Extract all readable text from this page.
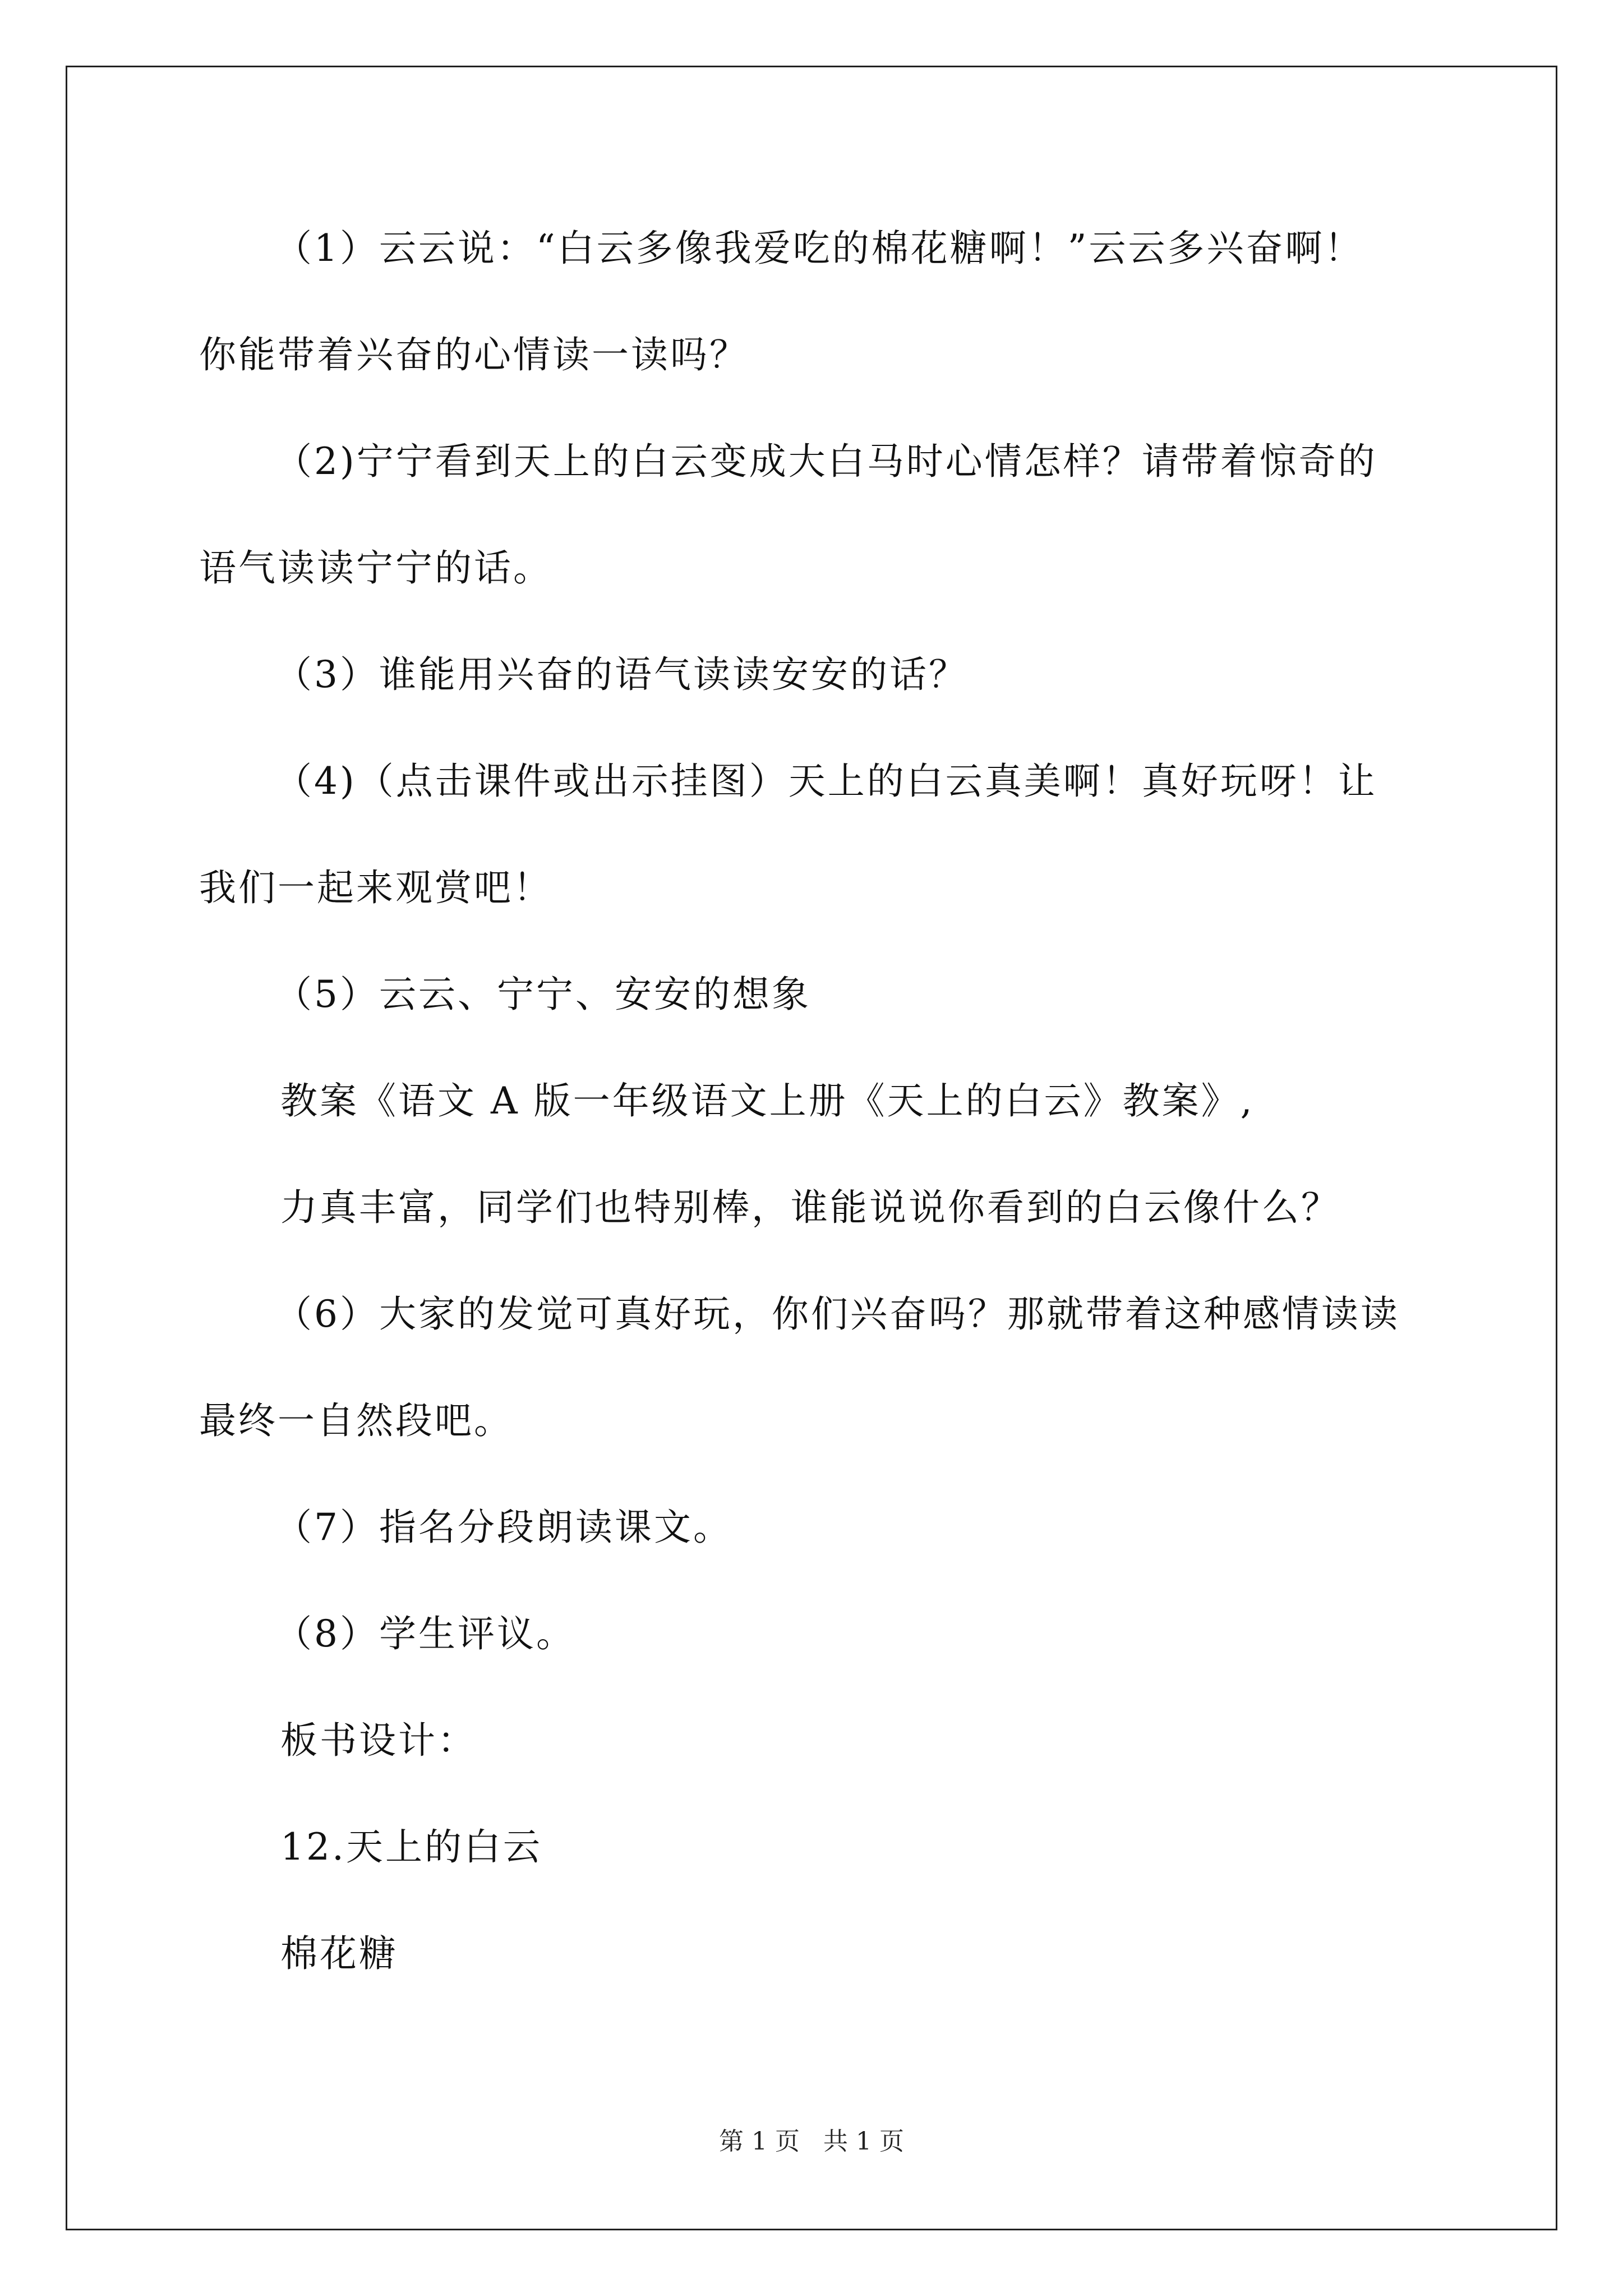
（1）云云说：“白云多像我爱吃的棉花糖啊！”云云多兴奋啊！
你能带着兴奋的心情读一读吗？
（2)宁宁看到天上的白云变成大白马时心情怎样？请带着惊奇的
语气读读宁宁的话。
（3）谁能用兴奋的语气读读安安的话？
（4)（点击课件或出示挂图）天上的白云真美啊！真好玩呀！让
我们一起来观赏吧！
（5）云云、宁宁、安安的想象
教案《语文 A 版一年级语文上册《天上的白云》教案》,
力真丰富，同学们也特别棒，谁能说说你看到的白云像什么？
（6）大家的发觉可真好玩，你们兴奋吗？那就带着这种感情读读
最终一自然段吧。
（7）指名分段朗读课文。
（8）学生评议。
板书设计：
12.天上的白云
棉花糖
第 1 页   共 1 页
